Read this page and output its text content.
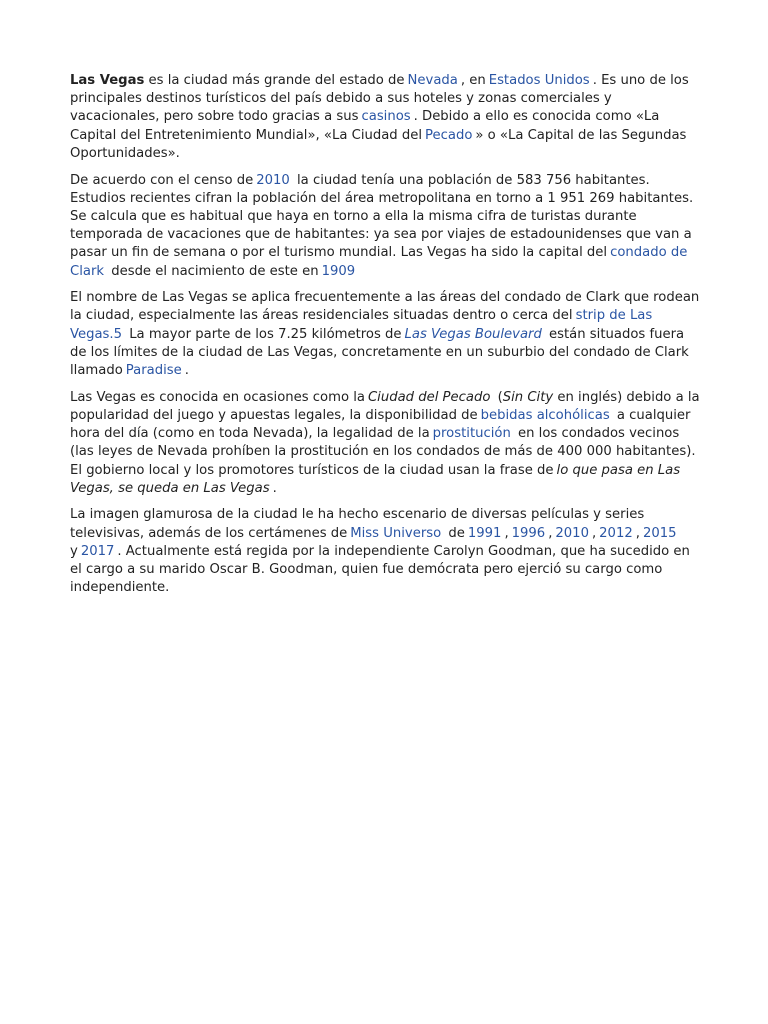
Las Vegas es la ciudad más grande del estado de Nevada , en Estados Unidos . Es uno de los principales destinos turísticos del país debido a sus hoteles y zonas comerciales y vacacionales, pero sobre todo gracias a sus casinos . Debido a ello es conocida como «La Capital del Entretenimiento Mundial», «La Ciudad del Pecado » o «La Capital de las Segundas Oportunidades».

De acuerdo con el censo de 2010 la ciudad tenía una población de 583 756 habitantes. Estudios recientes cifran la población del área metropolitana en torno a 1 951 269 habitantes. Se calcula que es habitual que haya en torno a ella la misma cifra de turistas durante temporada de vacaciones que de habitantes: ya sea por viajes de estadounidenses que van a pasar un fin de semana o por el turismo mundial. Las Vegas ha sido la capital del condado de Clark desde el nacimiento de este en 1909

El nombre de Las Vegas se aplica frecuentemente a las áreas del condado de Clark que rodean la ciudad, especialmente las áreas residenciales situadas dentro o cerca del strip de Las Vegas.5 La mayor parte de los 7.25 kilómetros de Las Vegas Boulevard están situados fuera de los límites de la ciudad de Las Vegas, concretamente en un suburbio del condado de Clark llamado Paradise .

Las Vegas es conocida en ocasiones como la Ciudad del Pecado (Sin City en inglés) debido a la popularidad del juego y apuestas legales, la disponibilidad de bebidas alcohólicas a cualquier hora del día (como en toda Nevada), la legalidad de la prostitución en los condados vecinos (las leyes de Nevada prohíben la prostitución en los condados de más de 400 000 habitantes). El gobierno local y los promotores turísticos de la ciudad usan la frase de lo que pasa en Las Vegas, se queda en Las Vegas .

La imagen glamurosa de la ciudad le ha hecho escenario de diversas películas y series televisivas, además de los certámenes de Miss Universo de 1991 , 1996 , 2010 , 2012 , 2015 y 2017 . Actualmente está regida por la independiente Carolyn Goodman, que ha sucedido en el cargo a su marido Oscar B. Goodman, quien fue demócrata pero ejerció su cargo como independiente.
